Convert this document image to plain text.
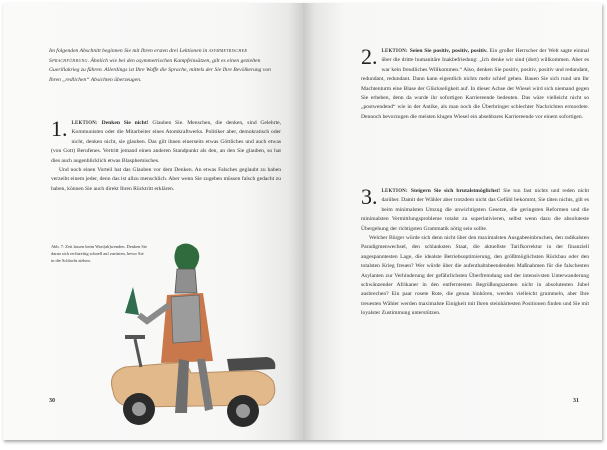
Im folgenden Abschnitt beginnen Sie mit Ihren ersten drei Lektionen in asymmetrischer Sprachführung. Ähnlich wie bei den asymmetrischen Kampfeinsätzen, gilt es einen gezielten Guerillakrieg zu führen. Allerdings ist Ihre Waffe die Sprache, mittels der Sie Ihre Bevölkerung von Ihren „redlichen“ Absichten überzeugen.

1. LEKTION: Denken Sie nicht! Glauben Sie. Menschen, die denken, sind Gelehrte, Kommunisten oder die Mitarbeiter eines Atomkraftwerks. Politiker aber, demokratisch oder nicht, denken nicht, sie glauben. Das gilt ihnen einerseits etwas Göttliches und auch etwas (von Gott) Berufenes. Vertritt jemand einen anderen Standpunkt als den, an den Sie glauben, so hat dies auch augenblicklich etwas Blasphemisches.

Und noch einen Vorteil hat das Glauben vor dem Denken. An etwas Falsches geglaubt zu haben verzeiht einem jeder, denn das ist allzu menschlich. Aber wenn Sie zugeben müssen falsch gedacht zu haben, können Sie auch direkt Ihren Rücktritt erklären.

Abb. 7: Zeit lassen beim Wort(ab)wenden. Denken Sie daran sich rechtzeitig schnell auf zurüsten, bevor Sie in die Schlacht ziehen.
30

2. LEKTION: Seien Sie positiv, positiv, positiv. Ein großer Herrscher der Welt sagte einmal über die dritte humanitäre Inakbefriedung: „Ich denke wir sind (dort) willkommen. Aber es war kein freudliches Willkommen.“ Also, denken Sie positiv, positiv, positiv und redundant, redundant, redundant. Dann kann eigentlich nichts mehr schief gehen. Bauen Sie sich rund um Ihr Machtenturm eine Blase der Glückseligkeit auf. In dieser Achse der Wiesel wird sich niemand gegen Sie erheben, denn da wurde ihr sofortigen Karriereende bedeuten. Das wäre vielleicht nicht so „postwendend“ wie in der Antike, als man noch die Überbringer schlechter Nachrichten ermordete. Dennoch bevorzugen die meisten klugen Wiesel ein absehbares Karriereende vor einem sofortigen.

3. LEKTION: Steigern Sie sich brutalstmöglichst! Sie tun fast nichts und reden nicht darüber. Damit der Wähler aber trotzdem nicht das Gefühl bekommt, Sie täten nichts, gilt es beim minimalsten Umzug die unwichtigsten Gesetze, die geringsten Reformen und die minimalsten Vermittlungsprobleme totalst zu superlativieren, selbst wenn dazu die absoluteste Übergehung der richtigsten Grammatik nötig sein sollte.

Welcher Bürger würde sich denn nicht über den maximalsten Ausgabeeinbruchen, den radikalsten Paradigmenwechsel, den schlanksten Staat, die aktuellste Tarifkorrektur in der finanziell angespanntesten Lage, die idealste Betriebsoptimierung, den größtmöglichsten Rückbau oder den totalsten Krieg freuen? Wer würde über die aufenthaltsbeendenden Maßnahmen für die falschesten Asylanten zur Verhinderung der gefährlichsten Überfremdung und der intensivsten Unterwanderung schwänzender Afrikaner in den entferntesten Begrüßungszenten nicht in absolutesten Jubel ausbrechen? Ein paar rosete Rote, die genau hinhören, werden vielleicht grummeln, aber Ihre treuesten Wähler werden maximalste Einigkeit mit Ihren steinhärtesten Positionen finden und Sie mit loyalster Zustimmung unterstützen.

31
